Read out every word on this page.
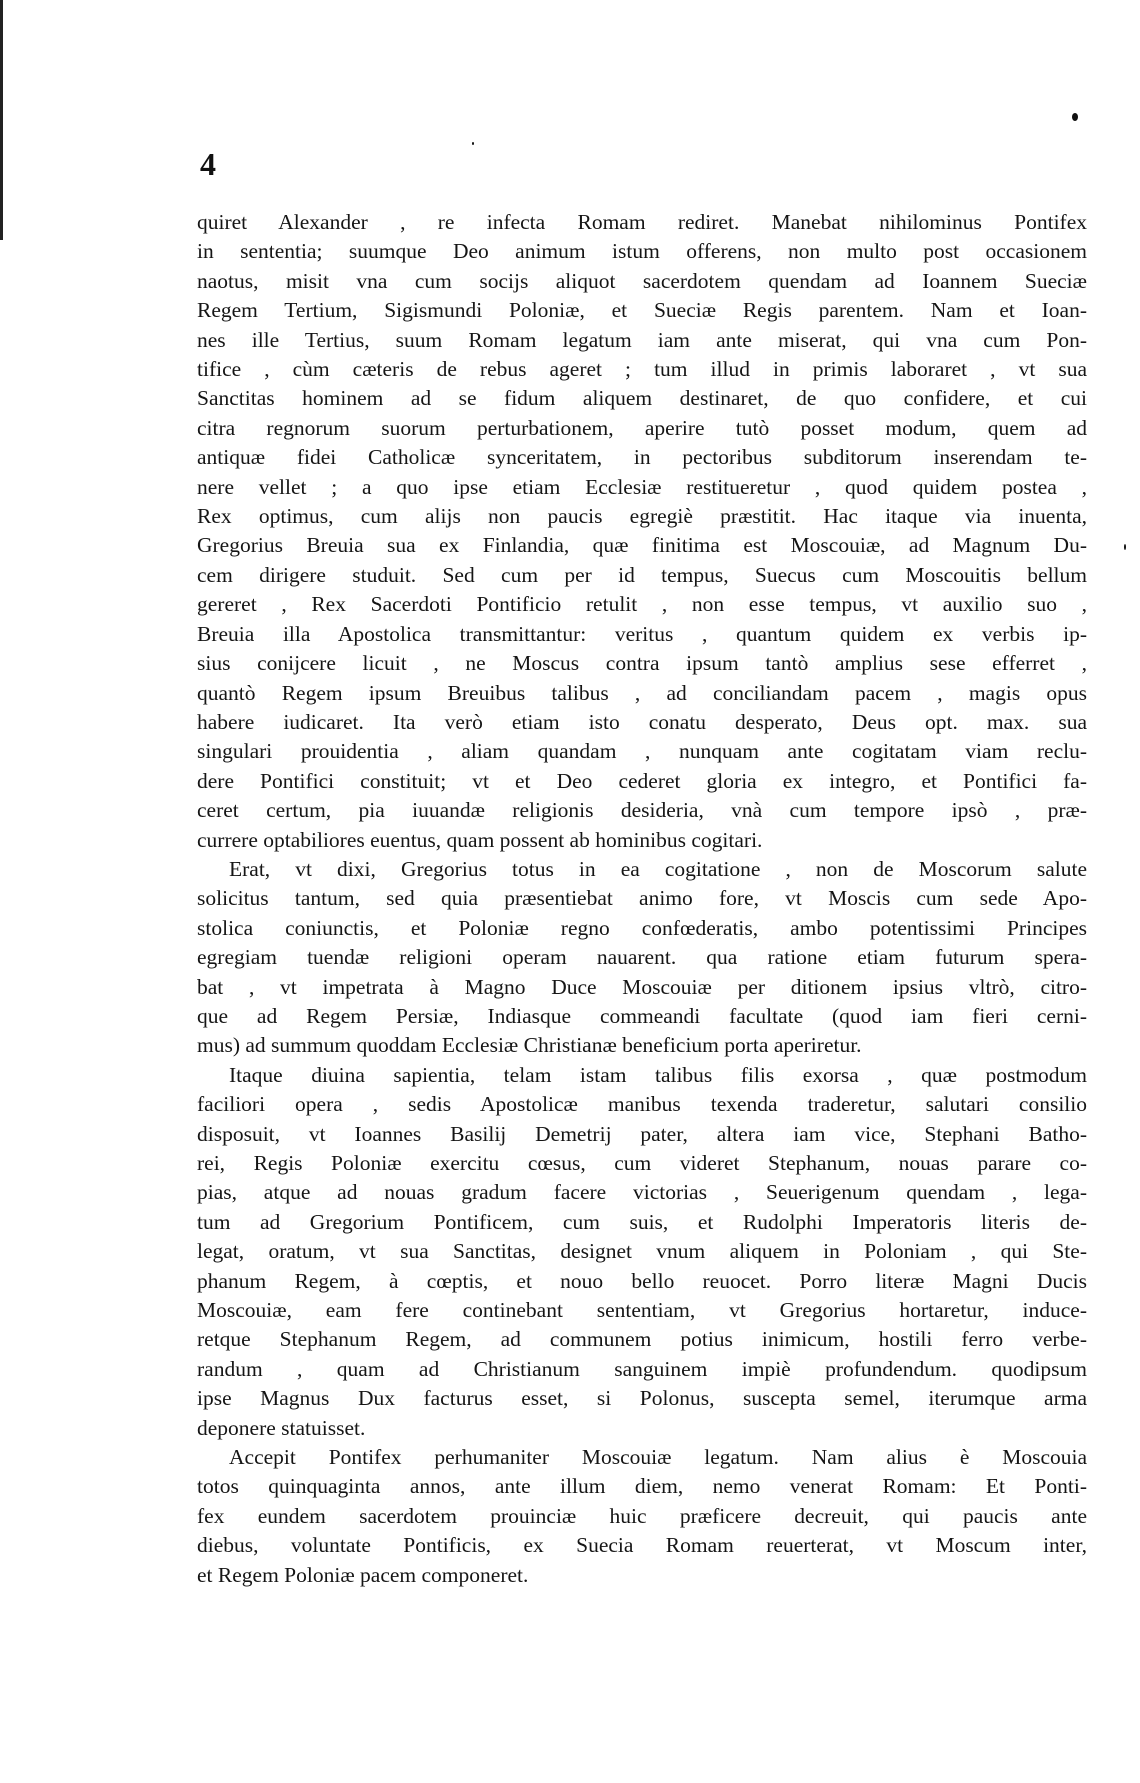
4

quiret Alexander , re infecta Romam rediret. Manebat nihilominus Pontifex
in sententia; suumque Deo animum istum offerens, non multo post occasionem
naotus, misit vna cum socijs aliquot sacerdotem quendam ad Ioannem Sueciæ
Regem Tertium, Sigismundi Poloniæ, et Sueciæ Regis parentem. Nam et Ioan-
nes ille Tertius, suum Romam legatum iam ante miserat, qui vna cum Pon-
tifice , cùm cæteris de rebus ageret ; tum illud in primis laboraret , vt sua
Sanctitas hominem ad se fidum aliquem destinaret, de quo confidere, et cui
citra regnorum suorum perturbationem, aperire tutò posset modum, quem ad
antiquæ fidei Catholicæ synceritatem, in pectoribus subditorum inserendam te-
nere vellet ; a quo ipse etiam Ecclesiæ restitueretur , quod quidem postea ,
Rex optimus, cum alijs non paucis egregiè præstitit. Hac itaque via inuenta,
Gregorius Breuia sua ex Finlandia, quæ finitima est Moscouiæ, ad Magnum Du-
cem dirigere studuit. Sed cum per id tempus, Suecus cum Moscouitis bellum
gereret , Rex Sacerdoti Pontificio retulit , non esse tempus, vt auxilio suo ,
Breuia illa Apostolica transmittantur: veritus , quantum quidem ex verbis ip-
sius conijcere licuit , ne Moscus contra ipsum tantò amplius sese efferret ,
quantò Regem ipsum Breuibus talibus , ad conciliandam pacem , magis opus
habere iudicaret. Ita verò etiam isto conatu desperato, Deus opt. max. sua
singulari prouidentia , aliam quandam , nunquam ante cogitatam viam reclu-
dere Pontifici constituit; vt et Deo cederet gloria ex integro, et Pontifici fa-
ceret certum, pia iuuandæ religionis desideria, vnà cum tempore ipsò , præ-
currere optabiliores euentus, quam possent ab hominibus cogitari.

Erat, vt dixi, Gregorius totus in ea cogitatione , non de Moscorum salute
solicitus tantum, sed quia præsentiebat animo fore, vt Moscis cum sede Apo-
stolica coniunctis, et Poloniæ regno confœderatis, ambo potentissimi Principes
egregiam tuendæ religioni operam nauarent. qua ratione etiam futurum spera-
bat , vt impetrata à Magno Duce Moscouiæ per ditionem ipsius vltrò, citro-
que ad Regem Persiæ, Indiasque commeandi facultate (quod iam fieri cerni-
mus) ad summum quoddam Ecclesiæ Christianæ beneficium porta aperiretur.

Itaque diuina sapientia, telam istam talibus filis exorsa , quæ postmodum
faciliori opera , sedis Apostolicæ manibus texenda traderetur, salutari consilio
disposuit, vt Ioannes Basilij Demetrij pater, altera iam vice, Stephani Batho-
rei, Regis Poloniæ exercitu cœsus, cum videret Stephanum, nouas parare co-
pias, atque ad nouas gradum facere victorias , Seuerigenum quendam , lega-
tum ad Gregorium Pontificem, cum suis, et Rudolphi Imperatoris literis de-
legat, oratum, vt sua Sanctitas, designet vnum aliquem in Poloniam , qui Ste-
phanum Regem, à cœptis, et nouo bello reuocet. Porro literæ Magni Ducis
Moscouiæ, eam fere continebant sententiam, vt Gregorius hortaretur, induce-
retque Stephanum Regem, ad communem potius inimicum, hostili ferro verbe-
randum , quam ad Christianum sanguinem impiè profundendum. quodipsum
ipse Magnus Dux facturus esset, si Polonus, suscepta semel, iterumque arma
deponere statuisset.

Accepit Pontifex perhumaniter Moscouiæ legatum. Nam alius è Moscouia
totos quinquaginta annos, ante illum diem, nemo venerat Romam: Et Ponti-
fex eundem sacerdotem prouinciæ huic præficere decreuit, qui paucis ante
diebus, voluntate Pontificis, ex Suecia Romam reuerterat, vt Moscum inter,
et Regem Poloniæ pacem componeret.
